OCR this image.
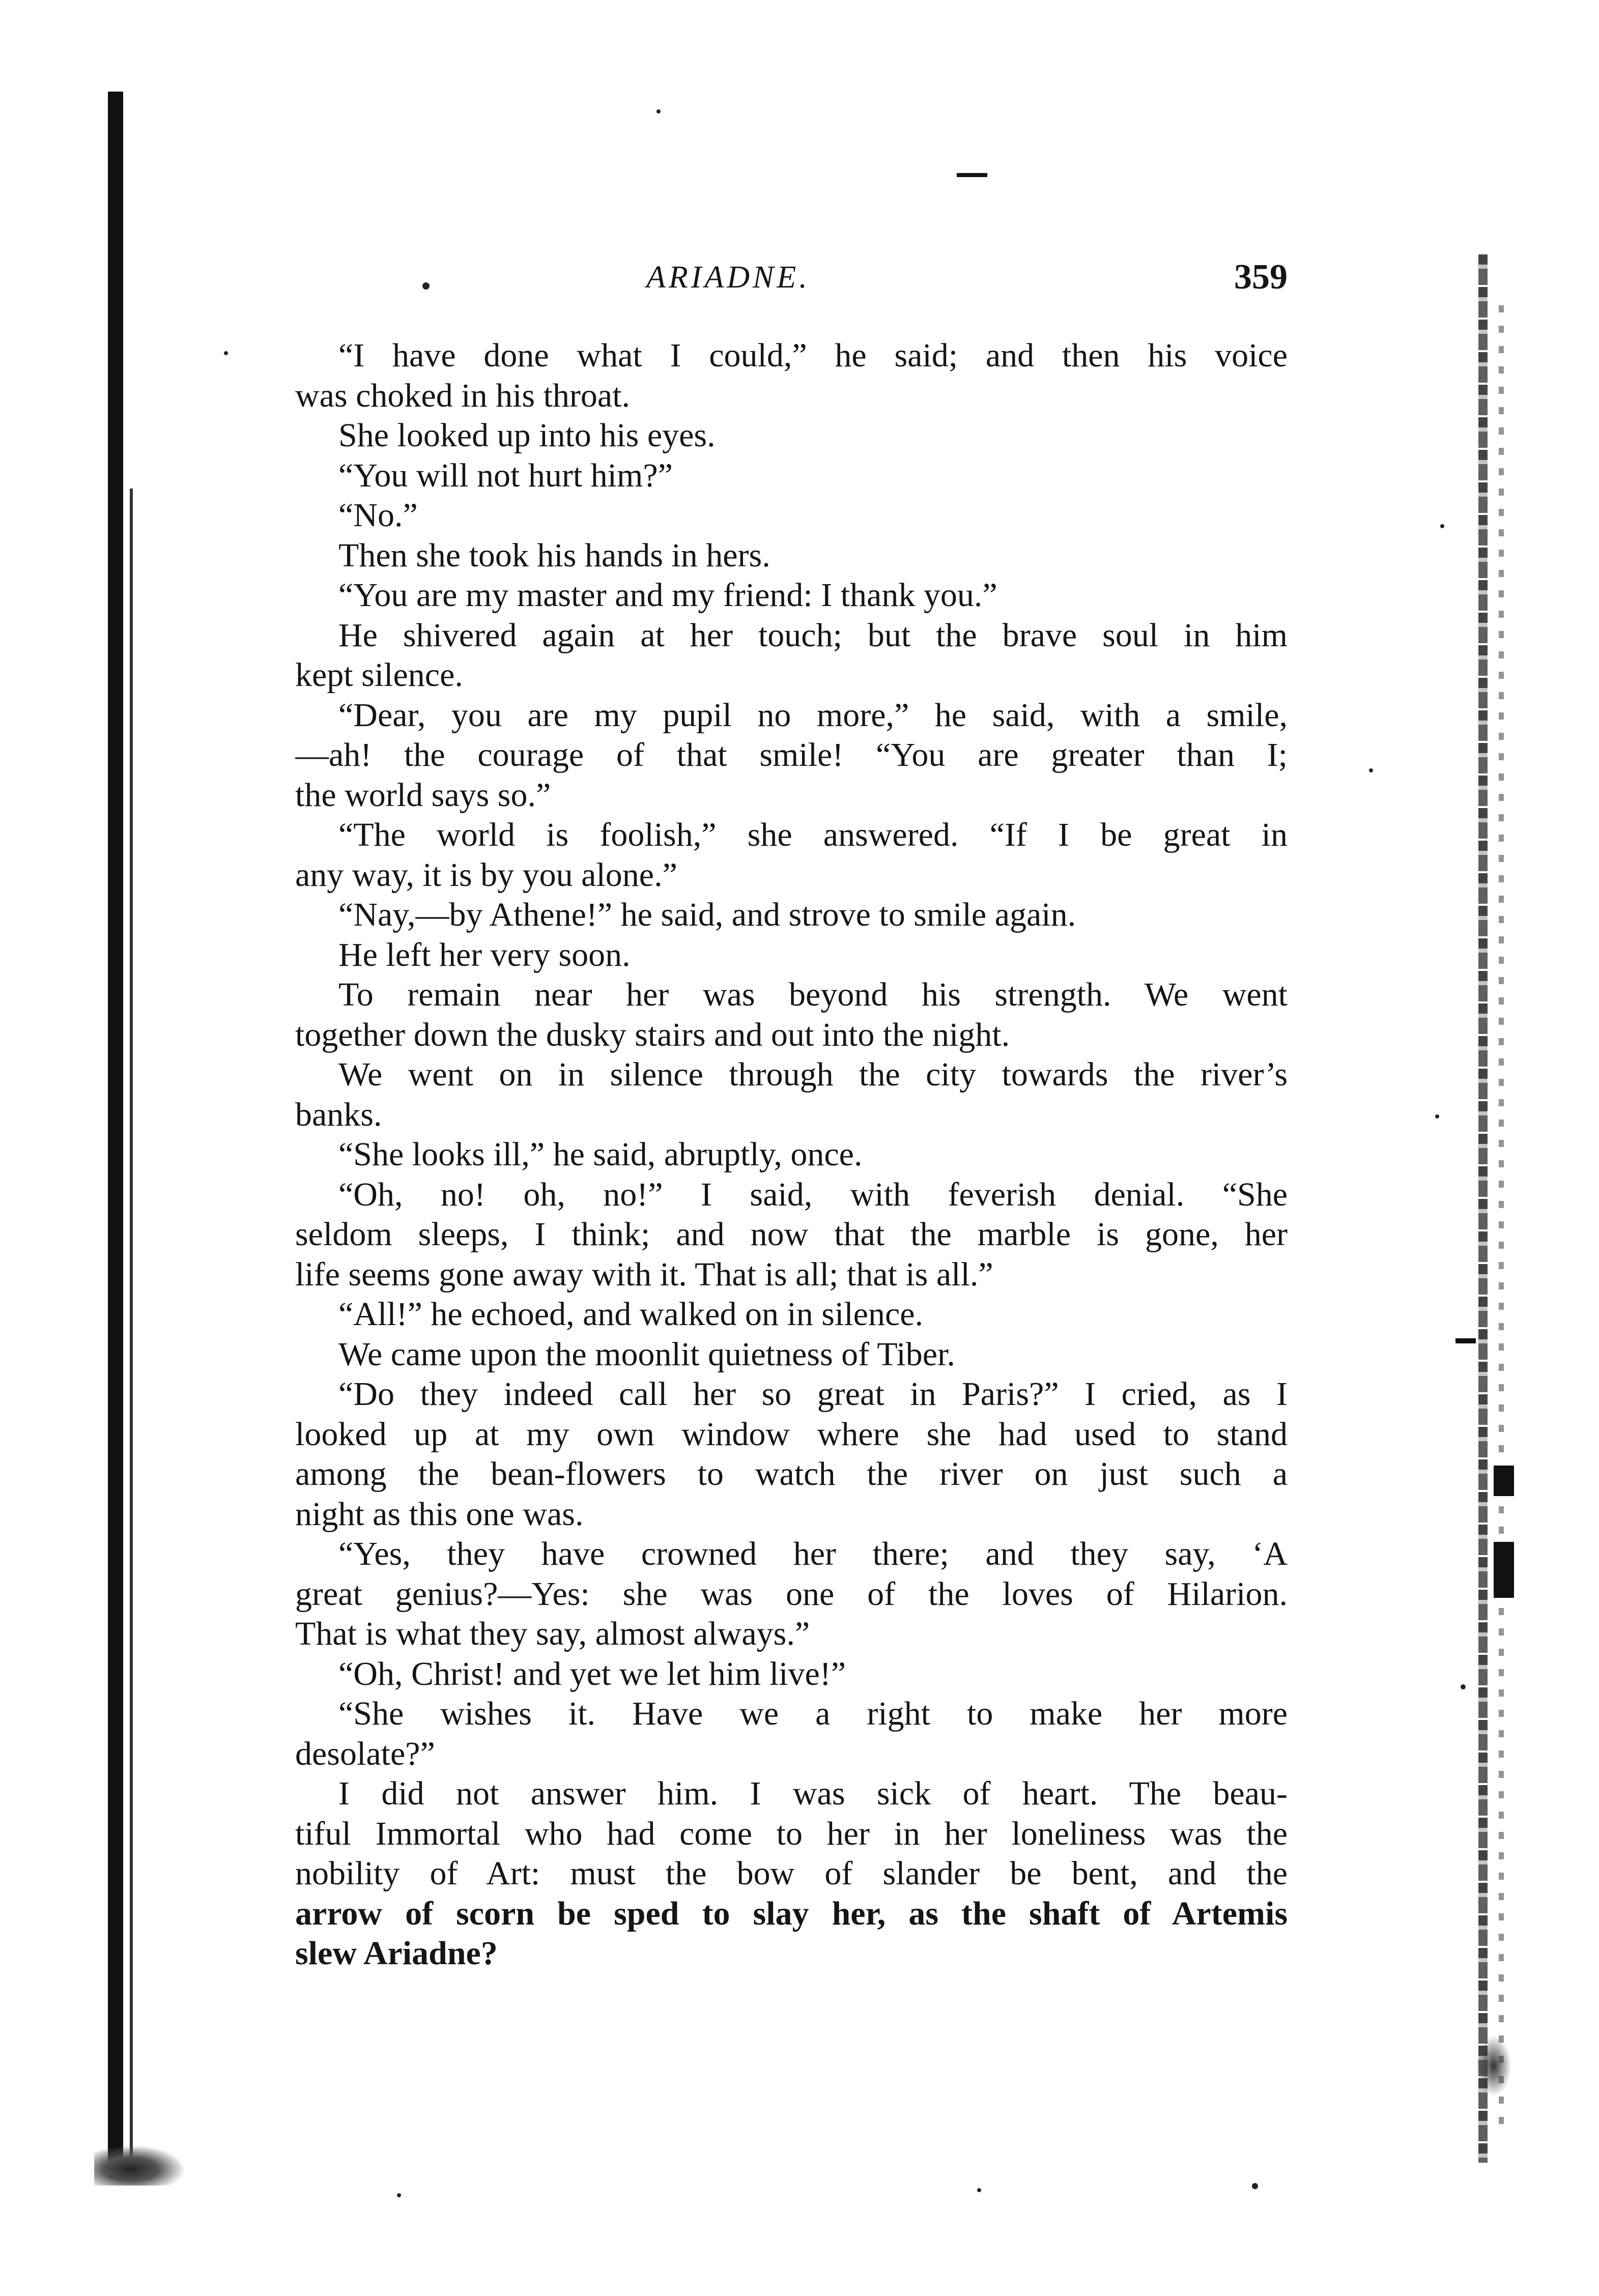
ARIADNE.	359
“I have done what I could,” he said; and then his voice
was choked in his throat.
She looked up into his eyes.
“You will not hurt him?”
“No.”
Then she took his hands in hers.
“You are my master and my friend: I thank you.”
He shivered again at her touch; but the brave soul in him
kept silence.
“Dear, you are my pupil no more,” he said, with a smile,
—ah! the courage of that smile! “You are greater than I;
the world says so.”
“The world is foolish,” she answered. “If I be great in
any way, it is by you alone.”
“Nay,—by Athene!” he said, and strove to smile again.
He left her very soon.
To remain near her was beyond his strength. We went
together down the dusky stairs and out into the night.
We went on in silence through the city towards the river’s
banks.
“She looks ill,” he said, abruptly, once.
“Oh, no! oh, no!” I said, with feverish denial. “She
seldom sleeps, I think; and now that the marble is gone, her
life seems gone away with it. That is all; that is all.”
“All!” he echoed, and walked on in silence.
We came upon the moonlit quietness of Tiber.
“Do they indeed call her so great in Paris?” I cried, as I
looked up at my own window where she had used to stand
among the bean-flowers to watch the river on just such a
night as this one was.
“Yes, they have crowned her there; and they say, ‘A
great genius?—Yes: she was one of the loves of Hilarion.
That is what they say, almost always.”
“Oh, Christ! and yet we let him live!”
“She wishes it. Have we a right to make her more
desolate?”
I did not answer him. I was sick of heart. The beau-
tiful Immortal who had come to her in her loneliness was the
nobility of Art: must the bow of slander be bent, and the
arrow of scorn be sped to slay her, as the shaft of Artemis
slew Ariadne?
